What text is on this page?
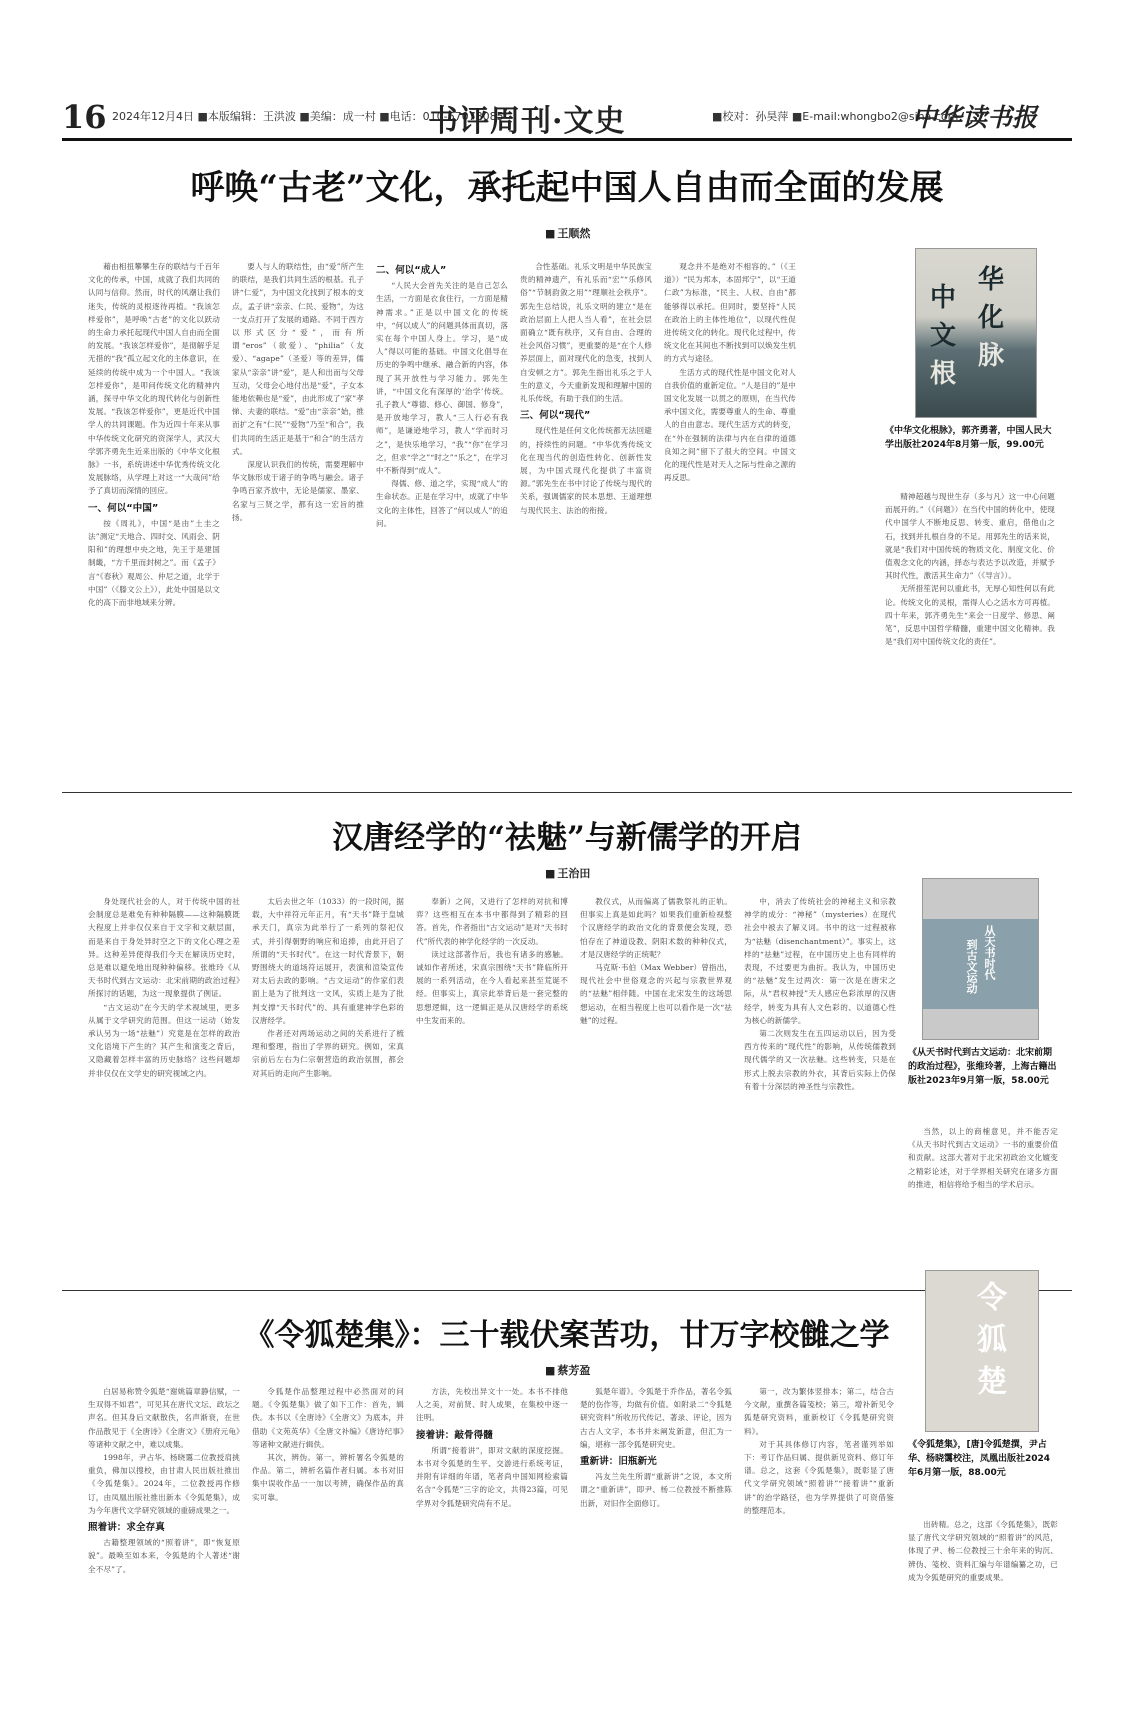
16 2024年12月4日 ■本版编辑：王洪波 ■美编：成一村 ■电话：010-67078085
书评周刊·文史	■校对：孙昊萍 ■E-mail:whongbo2@sina.com
中华读书报
呼唤“古老”文化，承托起中国人自由而全面的发展
■ 王顺然

藉由相扭攀攀生存的联结与千百年文化的传承，中国，成就了我们共同的认同与信仰。然而，时代的风潮让我们迷失，传统的灵根逐待再植。“我该怎样爱你”，是呼唤“古老”的文化以跃动的生命力承托起现代中国人自由而全面的发展。“我该怎样爱你”，是彻解乎足无措的“我”孤立起文化的主体意识，在延续的传统中成为一个中国人。“我该怎样爱你”，是叩问传统文化的精神内涵，探寻中华文化的现代转化与创新性发展。“我该怎样爱你”，更是近代中国学人的共同课题。作为近四十年来从事中华传统文化研究的资深学人，武汉大学郭齐勇先生近来出版的《中华文化根脉》一书，系统讲述中华优秀传统文化发展脉络，从学理上对这一“大哉问”给予了真切而深情的回应。

一、何以“中国”

按《周礼》，中国“是由”土圭之法”测定“天地合、四时交、风雨会、阴阳和”的理想中央之地，先王于是建国制畿，“方千里而封树之”。而《孟子》言“《春秋》观周公、仲尼之道，北学于中国”（《滕文公上》），此处中国是以文化的高下而非地域来分辨。

要人与人的联结性，由“爱”所产生的联结，是我们共同生活的根基。孔子讲“仁爱”，为中国文化找到了根本的支点，孟子讲“亲亲、仁民、爱物”，为这一支点打开了发展的通路。不同于西方以形式区分“爱”，而有所谓“eros”（欲爱）、“philia”（友爱）、“agape”（圣爱）等的差异，儒家从“亲亲”讲“爱”，是人和出而与父母互动，父母会心地付出是“爱”，子女本能地依赖也是“爱”，由此形成了“家”孝悌、夫妻的联结。“爱”由“亲亲”始，推而扩之有“仁民”“爱物”乃至“和合”，我们共同的生活正是基于“和合”的生活方式。

深度认识我们的传统，需要理解中华文脉形成于诸子的争鸣与融会。诸子争鸣百家齐放中，无论是儒家、墨家、名家与三贤之学，都有这一宏旨的推扬。

二、何以“成人”

“人民大会首先关注的是自己怎么生活，一方面是衣食住行，一方面是精神需求。”正是以中国文化的传统中，“何以成人”的问题具体而真切，落实在每个中国人身上。学习，是“成人”得以可能的基础。中国文化倡导在历史的争鸣中继承、融合新的内容，体现了其开放性与学习能力。郭先生讲，“中国文化有深厚的‘治学’传统。孔子教人“尊德、修心、御国、修身”，是开放地学习，教人“三人行必有我师”，是谦逊地学习，教人“学而时习之”，是快乐地学习，“我”“你”在学习之，但求“学之”“时之”“乐之”，在学习中不断得到“成人”。

得儒、修、道之学，实现“成人”的生命状态。正是在学习中，成就了中华文化的主体性，回答了“何以成人”的追问。

合性基础。礼乐文明是中华民族宝贵的精神遗产，有礼乐而“宏”“乐修风俗”“节制韵敛之用”“理顺社会秩序”。郭先生总结说，礼乐文明的建立“是在政治层面上人把人当人看”，在社会层面确立“既有秩序，又有自由、合理的社会风俗习惯”，更重要的是“在个人修养层面上，面对现代化的急变，找到人自安顿之方”。郭先生指出礼乐之于人生的意义，今天重新发现和理解中国的礼乐传统，有助于我们的生活。

三、何以“现代”

现代性是任何文化传统都无法回避的，持续性的问题。“中华优秀传统文化在现当代的创造性转化、创新性发展，为中国式现代化提供了丰富资源。”郭先生在书中讨论了传统与现代的关系，强调儒家的民本思想、王道理想与现代民主、法治的衔接。

观念并不是绝对不相容的。”（《王道》）“民为邦本，本固邦宁”，以“王道仁政”为标准，“民主、人权、自由”都能够得以承托。但同时，要坚持“人民在政治上的主体性地位”，以现代性促进传统文化的转化。现代化过程中，传统文化在其间也不断找到可以焕发生机的方式与途径。

生活方式的现代性是中国文化对人自我价值的重新定位。“人是目的”是中国文化发展一以贯之的原则，在当代传承中国文化，需要尊重人的生命、尊重人的自由意志。现代生活方式的转变，在“外在强制的法律与内在自律的道德良知之间”留下了很大的空间。中国文化的现代性是对天人之际与性命之源的再反思。

华
化
中
文
根
脉
《中华文化根脉》，郭齐勇著，中国人民大学出版社2024年8月第一版，99.00元

精神超越与现世生存（多与凡）这一中心问题而展开的。”（《问题》）在当代中国的转化中，使现代中国学人不断地反思、转变、重启，借他山之石，找到并扎根自身的不足。用郭先生的话来说，就是“我们对中国传统的物质文化、制度文化、价值观念文化的内涵，择态与表达予以改造，并赋予其时代性，激活其生命力”（《导言》）。

无所措笙泥何以重此书，无厚心知性何以有此论。传统文化的灵根，需得人心之活水方可再植。四十年来，郭齐勇先生“来会一日度学、修思、阐笔”，反思中国哲学精髓，重建中国文化精神。我是“我们对中国传统文化的责任”。

汉唐经学的“祛魅”与新儒学的开启
■ 王治田

身处现代社会的人，对于传统中国的社会制度总是难免有种种隔膜——这种隔膜既大程度上并非仅仅来自于文字和文献层面，而是来自于身处异时空之下的文化心理之差异。这种差异使得我们今天在解读历史时，总是难以避免地出现种种偏移。张维玲《从天书时代到古文运动：北宋前期的政治过程》所探讨的话题，为这一现象提供了例证。

“古文运动”在今天的学术视域里，更多从属于文学研究的范围。但这一运动（始发承认另为一场“祛魅”）究竟是在怎样的政治文化语境下产生的？其产生和演变之背后，又隐藏着怎样丰富的历史脉络？这些问题却并非仅仅在文学史的研究视域之内。

太后去世之年（1033）的一段时间，据载，大中祥符元年正月，有“天书”降于皇城承天门，真宗为此举行了一系列的祭祀仪式，并引得朝野的响应和追捧，由此开启了所谓的“天书时代”。在这一时代背景下，朝野围绕大的道场符运展开，表演和渲染宣传对太后去政的影响。“古文运动”的作家们表面上是为了批判这一文风，实质上是为了批判支撑“天书时代”的、具有重建神学色彩的汉唐经学。

作者还对两场运动之间的关系进行了梳理和整理，指出了学界的研究。例如，宋真宗前后左右为仁宗朝营造的政治氛围，都会对其后的走向产生影响。

奉新）之间，又进行了怎样的对抗和博弈？这些相互在本书中都得到了精彩的回答。首先，作者指出“古文运动”是对“天书时代”所代表的神学化经学的一次反动。

读过这部著作后，我也有诸多的感触。诚如作者所述，宋真宗围绕“天书”降临所开展的一系列活动，在今人看起来甚至荒诞不经。但事实上，真宗此举背后是一套完整的思想逻辑，这一逻辑正是从汉唐经学的系统中生发而来的。

教仪式，从而偏离了儒教祭礼的正轨。但事实上真是如此吗？如果我们重新检视整个汉唐经学的政治文化的背景便会发现，恐怕存在了神道设教、阴阳术数的种种仪式，才是汉唐经学的正统呢？

马克斯·韦伯（Max Webber）曾指出，现代社会中世俗观念的兴起与宗教世界观的“祛魅”相伴随。中国在北宋发生的这场思想运动，在相当程度上也可以看作是一次“祛魅”的过程。

中，消去了传统社会的神秘主义和宗教神学的成分：“神秘”（mysteries）在现代社会中被去了解义词。书中的这一过程被称为“祛魅（disenchantment）”。事实上，这样的“祛魅”过程，在中国历史上也有同样的表现，不过要更为曲折。我认为，中国历史的“祛魅”发生过两次：第一次是在唐宋之际，从“君权神授”天人感应色彩浓厚的汉唐经学，转变为具有人文色彩的、以道德心性为核心的新儒学。

第二次则发生在五四运动以后，因为受西方传来的“现代性”的影响，从传统儒教到现代儒学的又一次祛魅。这些转变，只是在形式上脱去宗教的外衣，其背后实际上仍保有着十分深层的神圣性与宗教性。

从天书时代
到古文运动
《从天书时代到古文运动：北宋前期的政治过程》，张维玲著，上海古籍出版社2023年9月第一版，58.00元

当然，以上的商榷意见，并不能否定《从天书时代到古文运动》一书的重要价值和贡献。这部大著对于北宋初政治文化嬗变之精彩论述，对于学界相关研究在诸多方面的推进，相信将给予相当的学术启示。

《令狐楚集》：三十载伏案苦功，廿万字校雠之学
■ 蔡芳盈

白居易称赞令狐楚“谢姚篇章静信赋，一生双得不如君”，可见其在唐代文坛、政坛之声名。但其身后文献散佚，名声渐衰，在世作品散见于《全唐诗》《全唐文》《册府元龟》等诸种文献之中，难以成集。

1998年，尹占华、杨晓霭二位教授肩挑重负，佛加以搜校，由甘肃人民出版社推出《令狐楚集》。2024年，二位教授再作修订，由凤凰出版社推出新本《令狐楚集》，成为今年唐代文学研究领域的重磅成果之一。

照着讲：求全存真

古籍整理领域的“照着讲”，即“恢复原貌”。最唤至如本来，令狐楚的个人著述“谢全不尽”了。

令狐楚作品整理过程中必然面对的问题。《令狐楚集》做了如下工作：首先，辑佚。本书以《全唐诗》《全唐文》为底本，并借助《文苑英华》《全唐文补编》《唐诗纪事》等诸种文献进行辑佚。

其次，辨伪。第一，辨析署名令狐楚的作品。第二，辨析名篇作者归属。本书对旧集中误收作品一一加以考辨，确保作品的真实可靠。

方法，先校出异文十一处。本书不排他人之美，对前贤、时人成果，在集校中逐一注明。

接着讲：敲骨得髓

所谓“接着讲”，即对文献的深度挖掘。本书对令狐楚的生平、交游进行系统考证，并附有详细的年谱，笔者尚中国知网检索篇名含“令狐楚”三字的论文，共得23篇，可见学界对令狐楚研究尚有不足。

狐楚年谱》。令狐楚于乔作品，著名令狐楚的伤作等，均做有价值。如附录二“令狐楚研究资料”所收历代传记、著录、评论，因为古古人文字，本书并未阐发新意，但汇为一编，堪称一部令狐楚研究史。

重新讲：旧瓶新光

冯友兰先生所谓“重新讲”之说，本文所谓之“重新讲”，即尹、杨二位教授不断推陈出新，对旧作全面修订。

第一，改为繁体竖排本；第二，结合古今文献，重撰各篇笺校；第三，增补新见令狐楚研究资料，重新校订《令狐楚研究资料》。

对于其具体修订内容，笔者谨列举如下：考订作品归属、提供新见资料、修订年谱。总之，这套《令狐楚集》，既彰显了唐代文学研究领域“照着讲”“接着讲”“重新讲”的治学路径，也为学界提供了可资借鉴的整理范本。

令
狐
楚
《令狐楚集》，[唐]令狐楚撰，尹占华、杨晓霭校注，凤凰出版社2024年6月第一版，88.00元

出砖精。总之，这部《令狐楚集》，既彰显了唐代文学研究领域的“照着讲”的风范，体现了尹、杨二位教授三十余年来的钩沉、辨伪、笺校、资料汇编与年谱编纂之功，已成为令狐楚研究的重要成果。
